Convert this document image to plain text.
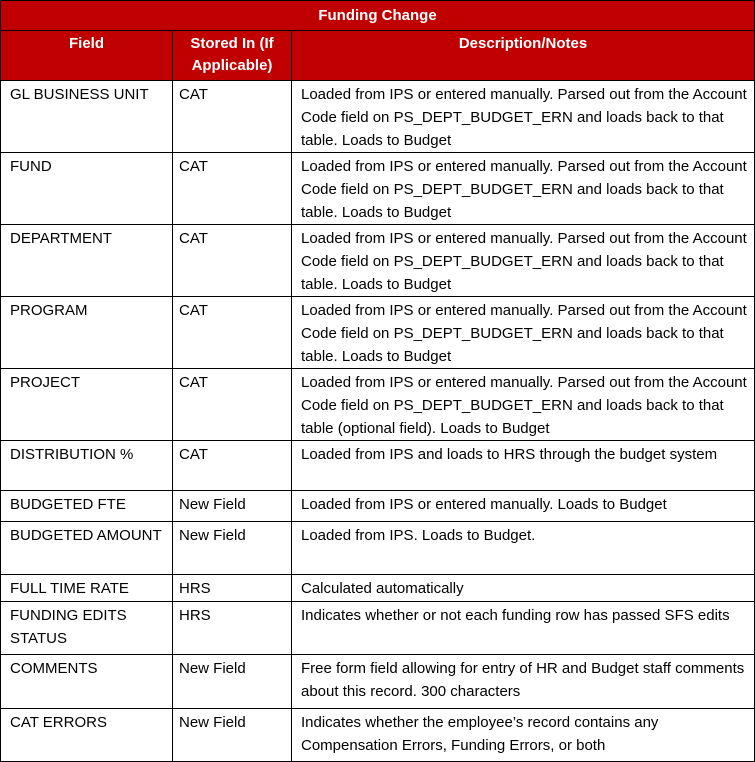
Funding Change		
Field	Stored In (If Applicable)	Description/Notes
GL BUSINESS UNIT	CAT	Loaded from IPS or entered manually. Parsed out from the Account Code field on PS_DEPT_BUDGET_ERN and loads back to that table. Loads to Budget
FUND	CAT	Loaded from IPS or entered manually. Parsed out from the Account Code field on PS_DEPT_BUDGET_ERN and loads back to that table. Loads to Budget
DEPARTMENT	CAT	Loaded from IPS or entered manually. Parsed out from the Account Code field on PS_DEPT_BUDGET_ERN and loads back to that table. Loads to Budget
PROGRAM	CAT	Loaded from IPS or entered manually. Parsed out from the Account Code field on PS_DEPT_BUDGET_ERN and loads back to that table. Loads to Budget
PROJECT	CAT	Loaded from IPS or entered manually. Parsed out from the Account Code field on PS_DEPT_BUDGET_ERN and loads back to that table (optional field). Loads to Budget
DISTRIBUTION %	CAT	Loaded from IPS and loads to HRS through the budget system
BUDGETED FTE	New Field	Loaded from IPS or entered manually. Loads to Budget
BUDGETED AMOUNT	New Field	Loaded from IPS. Loads to Budget.
FULL TIME RATE	HRS	Calculated automatically
FUNDING EDITS STATUS	HRS	Indicates whether or not each funding row has passed SFS edits
COMMENTS	New Field	Free form field allowing for entry of HR and Budget staff comments about this record. 300 characters
CAT ERRORS	New Field	Indicates whether the employee’s record contains any Compensation Errors, Funding Errors, or both
